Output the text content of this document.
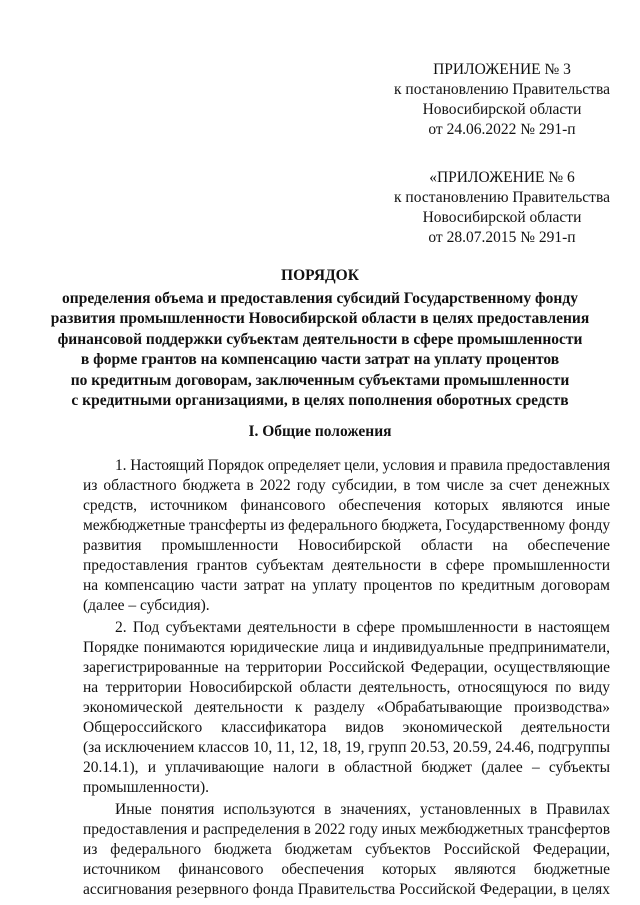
ПРИЛОЖЕНИЕ № 3
к постановлению Правительства
Новосибирской области
от 24.06.2022 № 291-п
«ПРИЛОЖЕНИЕ № 6
к постановлению Правительства
Новосибирской области
от 28.07.2015 № 291-п
ПОРЯДОК
определения объема и предоставления субсидий Государственному фонду
развития промышленности Новосибирской области в целях предоставления
финансовой поддержки субъектам деятельности в сфере промышленности
в форме грантов на компенсацию части затрат на уплату процентов
по кредитным договорам, заключенным субъектами промышленности
с кредитными организациями, в целях пополнения оборотных средств
I. Общие положения

1. Настоящий Порядок определяет цели, условия и правила предоставления
из областного бюджета в 2022 году субсидии, в том числе за счет денежных
средств, источником финансового обеспечения которых являются иные
межбюджетные трансферты из федерального бюджета, Государственному фонду
развития промышленности Новосибирской области на обеспечение
предоставления грантов субъектам деятельности в сфере промышленности
на компенсацию части затрат на уплату процентов по кредитным договорам
(далее – субсидия).

2. Под субъектами деятельности в сфере промышленности в настоящем
Порядке понимаются юридические лица и индивидуальные предприниматели,
зарегистрированные на территории Российской Федерации, осуществляющие
на территории Новосибирской области деятельность, относящуюся по виду
экономической деятельности к разделу «Обрабатывающие производства»
Общероссийского классификатора видов экономической деятельности
(за исключением классов 10, 11, 12, 18, 19, групп 20.53, 20.59, 24.46, подгруппы
20.14.1), и уплачивающие налоги в областной бюджет (далее – субъекты
промышленности).

Иные понятия используются в значениях, установленных в Правилах
предоставления и распределения в 2022 году иных межбюджетных трансфертов
из федерального бюджета бюджетам субъектов Российской Федерации,
источником финансового обеспечения которых являются бюджетные
ассигнования резервного фонда Правительства Российской Федерации, в целях
